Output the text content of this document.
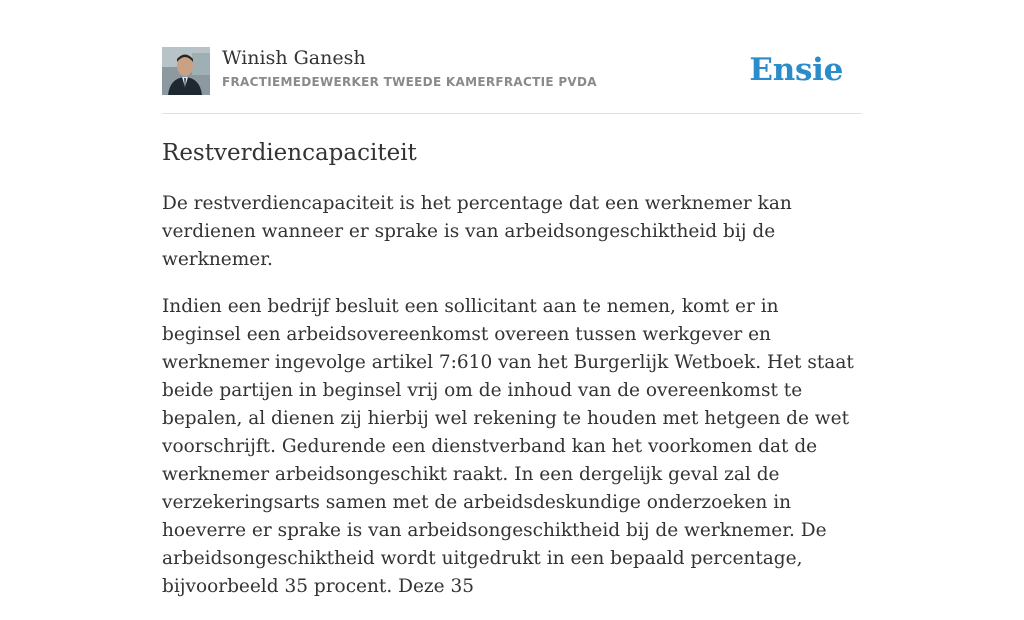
Winish Ganesh
FRACTIEMEDEWERKER TWEEDE KAMERFRACTIE PVDA	Ensie
Restverdiencapaciteit

De restverdiencapaciteit is het percentage dat een werknemer kan verdienen wanneer er sprake is van arbeidsongeschiktheid bij de werknemer.

Indien een bedrijf besluit een sollicitant aan te nemen, komt er in beginsel een arbeidsovereenkomst overeen tussen werkgever en werknemer ingevolge artikel 7:610 van het Burgerlijk Wetboek. Het staat beide partijen in beginsel vrij om de inhoud van de overeenkomst te bepalen, al dienen zij hierbij wel rekening te houden met hetgeen de wet voorschrijft. Gedurende een dienstverband kan het voorkomen dat de werknemer arbeidsongeschikt raakt. In een dergelijk geval zal de verzekeringsarts samen met de arbeidsdeskundige onderzoeken in hoeverre er sprake is van arbeidsongeschiktheid bij de werknemer. De arbeidsongeschiktheid wordt uitgedrukt in een bepaald percentage, bijvoorbeeld 35 procent. Deze 35
